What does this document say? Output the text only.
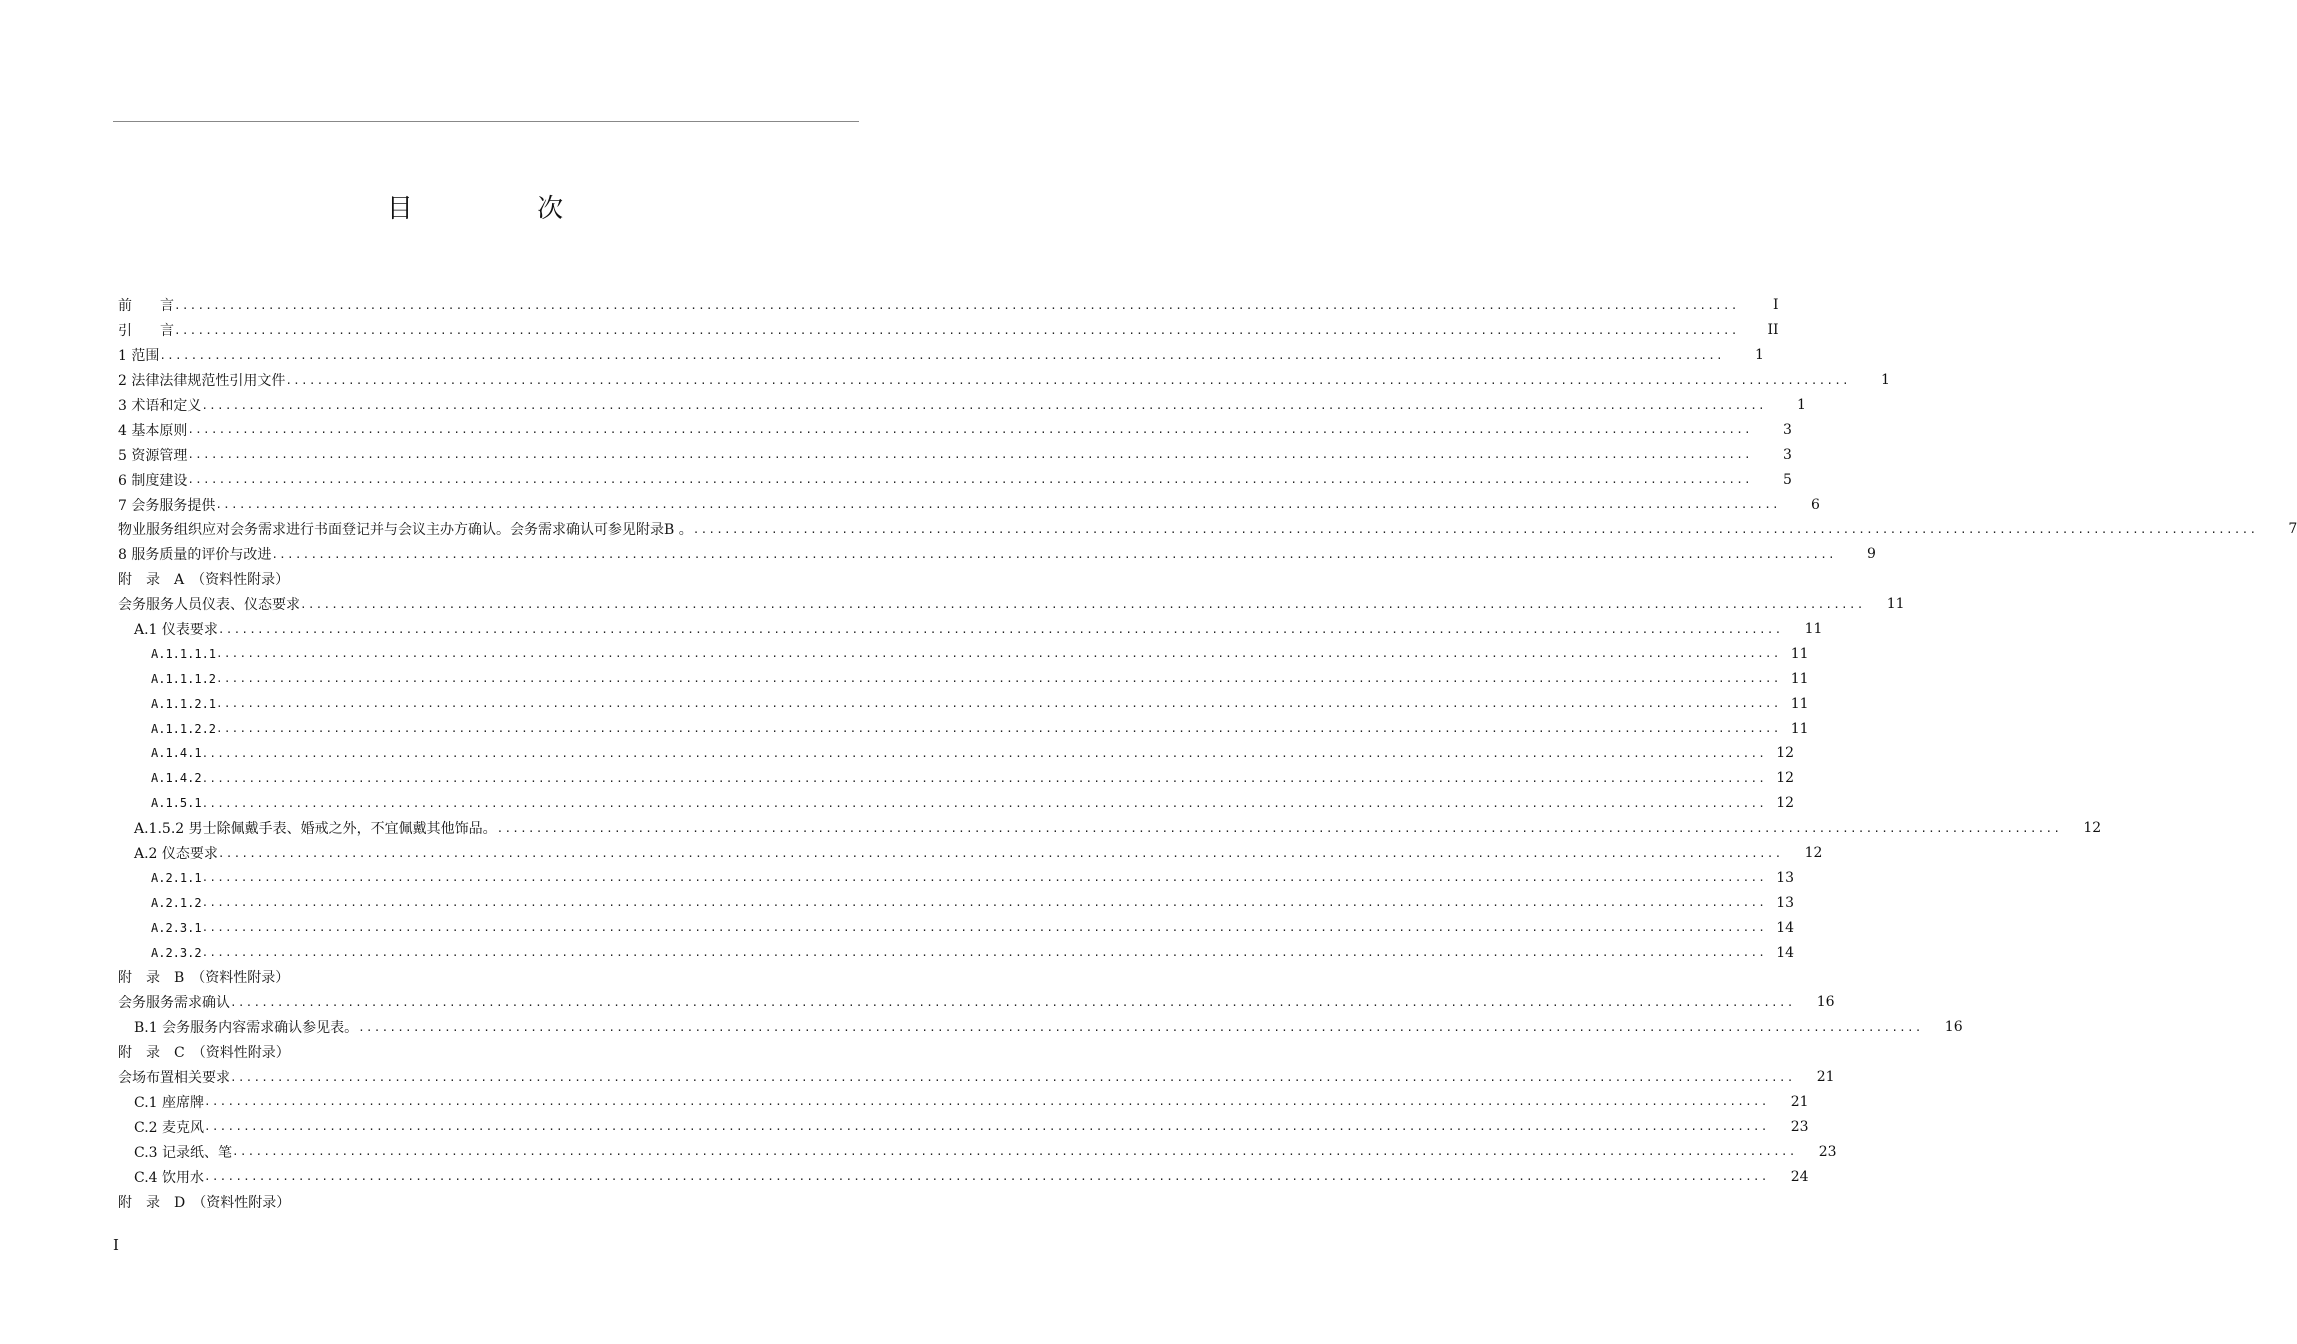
目 次
前　　言 ........................................................................................................................................................................................................	I
引　　言 ........................................................................................................................................................................................................	II
1 范围 ........................................................................................................................................................................................................	1
2 法律法律规范性引用文件 ........................................................................................................................................................................................................	1
3 术语和定义 ........................................................................................................................................................................................................	1
4 基本原则 ........................................................................................................................................................................................................	3
5 资源管理 ........................................................................................................................................................................................................	3
6 制度建设 ........................................................................................................................................................................................................	5
7 会务服务提供 ........................................................................................................................................................................................................	6
物业服务组织应对会务需求进行书面登记并与会议主办方确认。会务需求确认可参见附录B 。 ........................................................................................................................................................................................................	7
8 服务质量的评价与改进 ........................................................................................................................................................................................................	9
附　录　A　（资料性附录）
会务服务人员仪表、仪态要求 ........................................................................................................................................................................................................ 11
A.1 仪表要求 ........................................................................................................................................................................................................ 11
A.1.1.1.1 ........................................................................................................................................................................................................ 11
A.1.1.1.2 ........................................................................................................................................................................................................ 11
A.1.1.2.1 ........................................................................................................................................................................................................ 11
A.1.1.2.2 ........................................................................................................................................................................................................ 11
A.1.4.1 ........................................................................................................................................................................................................ 12
A.1.4.2 ........................................................................................................................................................................................................ 12
A.1.5.1 ........................................................................................................................................................................................................ 12
A.1.5.2 男士除佩戴手表、婚戒之外，不宜佩戴其他饰品。 ........................................................................................................................................................................................................ 12
A.2 仪态要求 ........................................................................................................................................................................................................ 12
A.2.1.1 ........................................................................................................................................................................................................ 13
A.2.1.2 ........................................................................................................................................................................................................ 13
A.2.3.1 ........................................................................................................................................................................................................ 14
A.2.3.2 ........................................................................................................................................................................................................ 14
附　录　B　（资料性附录）
会务服务需求确认 ........................................................................................................................................................................................................ 16
B.1 会务服务内容需求确认参见表。 ........................................................................................................................................................................................................ 16
附　录　C　（资料性附录）
会场布置相关要求 ........................................................................................................................................................................................................ 21
C.1 座席牌 ........................................................................................................................................................................................................ 21
C.2 麦克风 ........................................................................................................................................................................................................ 23
C.3 记录纸、笔 ........................................................................................................................................................................................................ 23
C.4 饮用水 ........................................................................................................................................................................................................ 24
附　录　D　（资料性附录）
I
